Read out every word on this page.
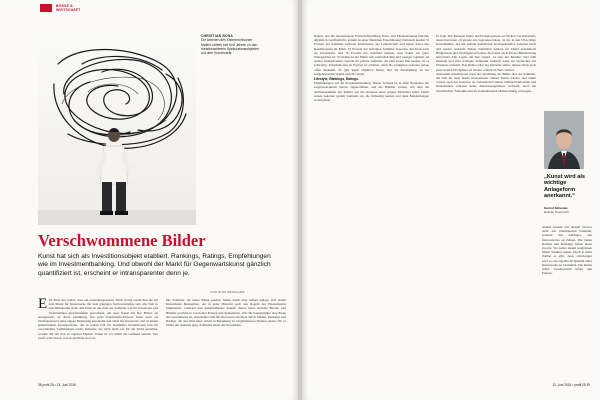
BÖRSE &
WIRTSCHAFT
CHRISTIAN ROSA
Die Arbeiten des Österreichischen Malers zählen seit fünf Jahren zu den meistbeachteten Spekulationsobjekten auf dem Kunstmarkt.
Verschwommene Bilder
Kunst hat sich als Investitionsobjekt etabliert. Rankings, Ratings, Empfehlungen wie im Investmentbanking. Und obwohl der Markt für Gegenwartskunst gänzlich quantifiziert ist, erscheint er intransparenter denn je.
VON RUDI REINAGER
E Zu Ende des Jahres, dass ein ausstellungswertes Stück wenig ausreichen die bei dem Markt für Kunstwerke mit dem gängigen Sachverständige sehr alle Welt in den Mittelpunkt stellt. Am Ende ist die Zahl der Sammler wie für Investoren und Unternehmen gleichermaßen gewachsen, die neue Kunst für ihre Bilanz als Anlageform, an deren Sammlung fast jeder Kunstmarkt-Experte heute auch als Vermögenswert seine eigene Bedeutung zuschreibt und dabei für Investoren oder in einem gemeinsamen Kunstportfolio, das in jedem Fall für bestimmte Investitionen und für verschiedene Sammlungen reicht. Künstler, die nicht mehr nur für die Wand gestalten, werden mit der Zeit zu eigenen Marken. Dabei ist vor allem ein Gedanke zentral: Wer kauft, will wissen, was es am Ende wert ist.

Die Sammler, die heute Bilder kaufen, haben damit aber keinen Anlass, sich einem Kunstmarkt hinzugeben, der in jeder Hinsicht nach den Regeln des Finanzmarkts funktioniert. Galerien und Auktionshäuser kennen dieses Spiel, manche Berater und Händler profitieren von hohen Preisen und Spekulation. Was für Kunstkritiker eine Frage des Geschmacks ist, entscheidet sich für Investoren am Ende durch Zahlen, Rankings und Ratings, die den Wert einer Arbeit in Beziehung zu vergleichbaren Werken setzen. Wo es früher um Ästhetik ging, dominiert heute das Investment.

38 profil 25 • 13. Juni 2016

Rupert, den die internationale Wirtschaftsprüfung Ernst- und Finanzberatung Deloitte alljährlich veröffentlicht, kommt zu einer ähnlichen Einschätzung: Demnach kaufen 72 Prozent der Sammler weltweit Kunstwerke aus Leidenschaft und haben dabei den Renditeaspekt im Blick. 53 Prozent der befragten Sammler bewerten den Kauf auch als Investment, und 76 Prozent der Sammler meinen, dass Kunst ein guter Wertspeicher ist. Trotzdem ist der Markt sehr undurchsichtig und weniger reguliert als andere Anlageformen. Gerade für private Sammler, die zum ersten Mal kaufen, ist es schwierig, Informationen zu Preisen zu erhalten, denn die wenigsten Galerien geben offen Auskunft. Es gibt kaum objektive Daten, und die Preisbildung ist bei zeitgenössischer Kunst extrem volatil.

Lifestyle, Rankings, Ratings.

Empfehlungen wie im Investmentbanking: Dieses Schema ist in allen Bereichen der Gegenwartskunst bereits angekommen, und die Händler wissen, wie man die Aufmerksamkeit der Käufer auf die Arbeiten eines jungen Künstlers lenkt. Dafür setzen Galerien gezielt Sammler ein, die frühzeitig kaufen und dann Empfehlungen weitergeben.

Er fragt. Der Manager hinter den Preisprognosen zu Werken von Künstlern, deren Karrieren oft gerade erst begonnen haben, ist der in den USA tätige Kunsthändler, der mit seinem Kunstfonds hochspekulative Arbeiten kauft und wieder verkauft. Neben Sammlern agieren im Markt zunehmend Hedgefonds und Vermögensverwalter, die Kunst als Portfolio-Beimischung betrachten. Die Logik, die hier regiert, ist eine der Rendite: Wer früh einsteigt und zum richtigen Zeitpunkt verkauft, kann ein Vielfaches des Einsatzes erzielen. Das Risiko trägt der Künstler selbst, dessen Werk nach einer kurzen Hochphase oft ebenso schnell an Wert verliert.

Artkonsult Kunstberater nach der Verteilung der Bilder und der Sammler, die sich für neue Kunst interessieren. Dieser Markt wächst, und damit wächst auch das Interesse an verlässlichen Daten. Online-Plattformen und Datenbanken erfassen heute Auktionsergebnisse weltweit, doch die tatsächlichen Transaktionen im Galeriebereich bleiben häufig verborgen.

Artikel besteht aus diesem Service nicht den traditionellen Sammler, sondern den Anfänger, den Interessierten an Zahlen. Die vielen Ratings und Rankings haben einen Zweck: Sie sollen einem komplexen Markt Struktur geben. Doch je mehr Zahlen es gibt, desto schwieriger wird es, die eigentliche Qualität eines Kunstwerks zu beurteilen. Die Kunst selbst verschwimmt hinter den Preisen.

13. Juni 2016 • profil 25 39
„Kunst wird als wichtige Anlageform anerkannt.“
Gernot Schuster,
Deloitte Österreich
